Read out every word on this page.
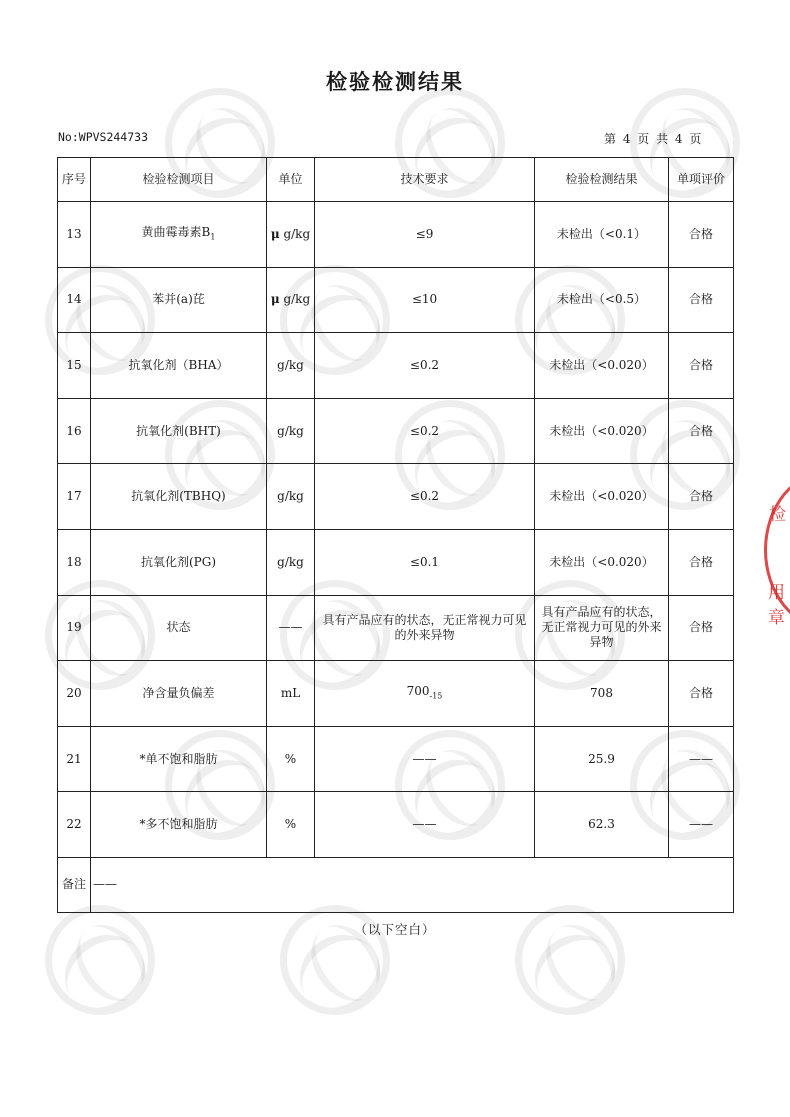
检验检测结果
No:WPVS244733	第 4 页 共 4 页
序号	检验检测项目	单位	技术要求	检验检测结果	单项评价
13	黄曲霉毒素$B_1$	μ g/kg	≤9	未检出（<0.1）	合格
14	苯并(a)芘	μ g/kg	≤10	未检出（<0.5）	合格
15	抗氧化剂（BHA）	g/kg	≤0.2	未检出（<0.020）	合格
16	抗氧化剂(BHT)	g/kg	≤0.2	未检出（<0.020）	合格
17	抗氧化剂(TBHQ)	g/kg	≤0.2	未检出（<0.020）	合格
18	抗氧化剂(PG)	g/kg	≤0.1	未检出（<0.020）	合格
19	状态	——	具有产品应有的状态，无正常视力可见的外来异物	具有产品应有的状态，无正常视力可见的外来异物	合格
20	净含量负偏差	mL	$700_{-15}$	708	合格
21	*单不饱和脂肪	%	——	25.9	——
22	*多不饱和脂肪	%	——	62.3	——
备注	——				
（以下空白）
检
用章
